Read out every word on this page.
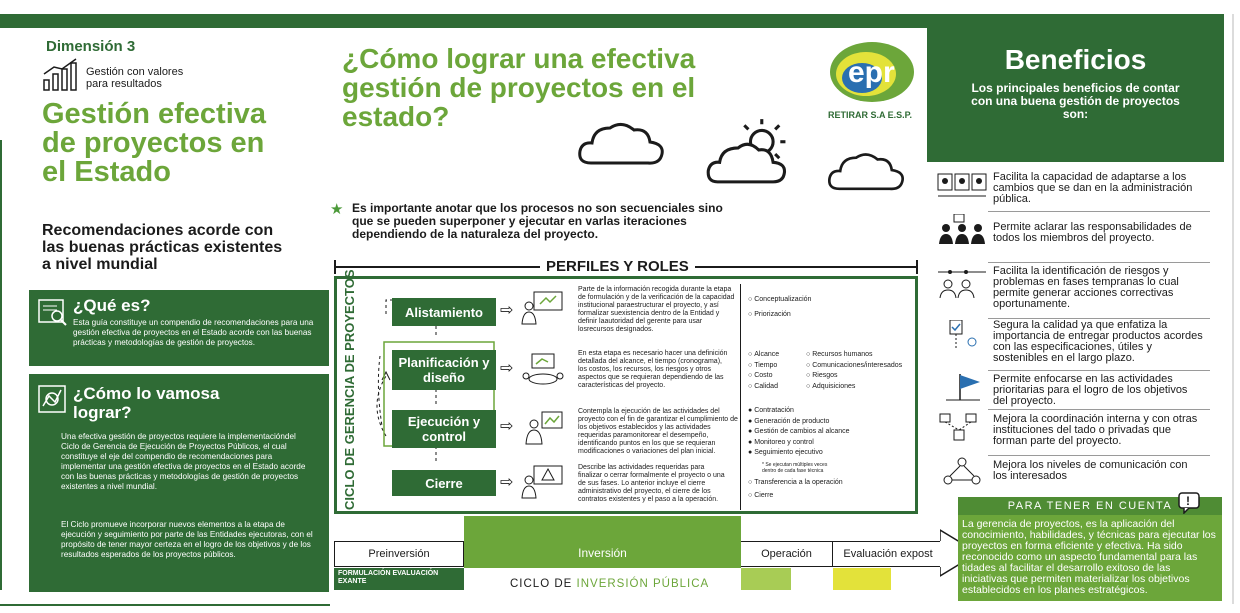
Dimensión 3
Gestión con valores para resultados
Gestión efectiva de proyectos en el Estado
Recomendaciones acorde con las buenas prácticas existentes a nivel mundial
¿Qué es?
Esta guía constituye un compendio de recomendaciones para una gestión efectiva de proyectos en el Estado acorde con las buenas prácticas y metodologías de gestión de proyectos.
¿Cómo lo vamosa lograr?
Una efectiva gestión de proyectos requiere la implementacióndel Ciclo de Gerencia de Ejecución de Proyectos Públicos, el cual constituye el eje del compendio de recomendaciones para implementar una gestión efectiva de proyectos en el Estado acorde con las buenas prácticas y metodologías de gestión de proyectos existentes a nivel mundial.
El Ciclo promueve incorporar nuevos elementos a la etapa de ejecución y seguimiento por parte de las Entidades ejecutoras, con el propósito de tener mayor certeza en el logro de los objetivos y de los resultados esperados de los proyectos públicos.
¿Cómo lograr una efectiva gestión de proyectos en el estado?
epr
RETIRAR S.A E.S.P.
★ Es importante anotar que los procesos no son secuenciales sino que se pueden superponer y ejecutar en varlas iteraciones dependiendo de la naturaleza del proyecto.
PERFILES Y ROLES
CICLO DE GERENCIA DE PROYECTOS	Alistamiento	⇨
Parte de la información recogida durante la etapa de formulación y de la verificación de la capacidad institucional paraestructurar el proyecto, y así formalizar suexistencia dentro de la Entidad y definir laautoridad del gerente para usar losrecursos designados.
○ Conceptualización
○ Priorización
Planificación y diseño
⇨
En esta etapa es necesario hacer una definición detallada del alcance, el tiempo (cronograma), los costos, los recursos, los riesgos y otros aspectos que se requieran dependiendo de las características del proyecto.
○ Alcance
○ Tiempo
○ Costo
○ Calidad
○ Recursos humanos
○ Comunicaciones/interesados
○ Riesgos
○ Adquisiciones
Ejecución y control
⇨
Contempla la ejecución de las actividades del proyecto con el fin de garantizar el cumplimiento de los objetivos establecidos y las actividades requeridas paramonitorear el desempeño, identificando puntos en los que se requieran modificaciones o variaciones del plan inicial.
● Contratación
● Generación de producto
● Gestión de cambios al alcance
● Monitoreo y control
● Seguimiento ejecutivo
* Se ejecutan múltiples veces dentro de cada fase técnica
Cierre	⇨
Describe las actividades requeridas para finalizar o cerrar formalmente el proyecto o una de sus fases. Lo anterior incluye el cierre administrativo del proyecto, el cierre de los contratos existentes y el paso a la operación.
○ Transferencia a la operación
○ Cierre
Inversión
Preinversión	Operación	Evaluación expost
FORMULACIÓN EVALUACIÓN EXANTE	CICLO DE INVERSIÓN PÚBLICA
Beneficios
Los principales beneficios de contar con una buena gestión de proyectos son:
Facilita la capacidad de adaptarse a los cambios que se dan en la administración pública.
Permite aclarar las responsabilidades de todos los miembros del proyecto.
Facilita la identificación de riesgos y problemas en fases tempranas lo cual permite generar acciones correctivas oportunamente.
Segura la calidad ya que enfatiza la importancia de entregar productos acordes con las especificaciones, útiles y sostenibles en el largo plazo.
Permite enfocarse en las actividades prioritarias para el logro de los objetivos del proyecto.
Mejora la coordinación interna y con otras instituciones del tado o privadas que forman parte del proyecto.
Mejora los niveles de comunicación con los interesados
PARA TENER EN CUENTA
La gerencia de proyectos, es la aplicación del conocimiento, habilidades, y técnicas para ejecutar los proyectos en forma eficiente y efectiva. Ha sido reconocido como un aspecto fundamental para las tidades al facilitar el desarrollo exitoso de las iniciativas que permiten materializar los objetivos establecidos en los planes estratégicos.
!
